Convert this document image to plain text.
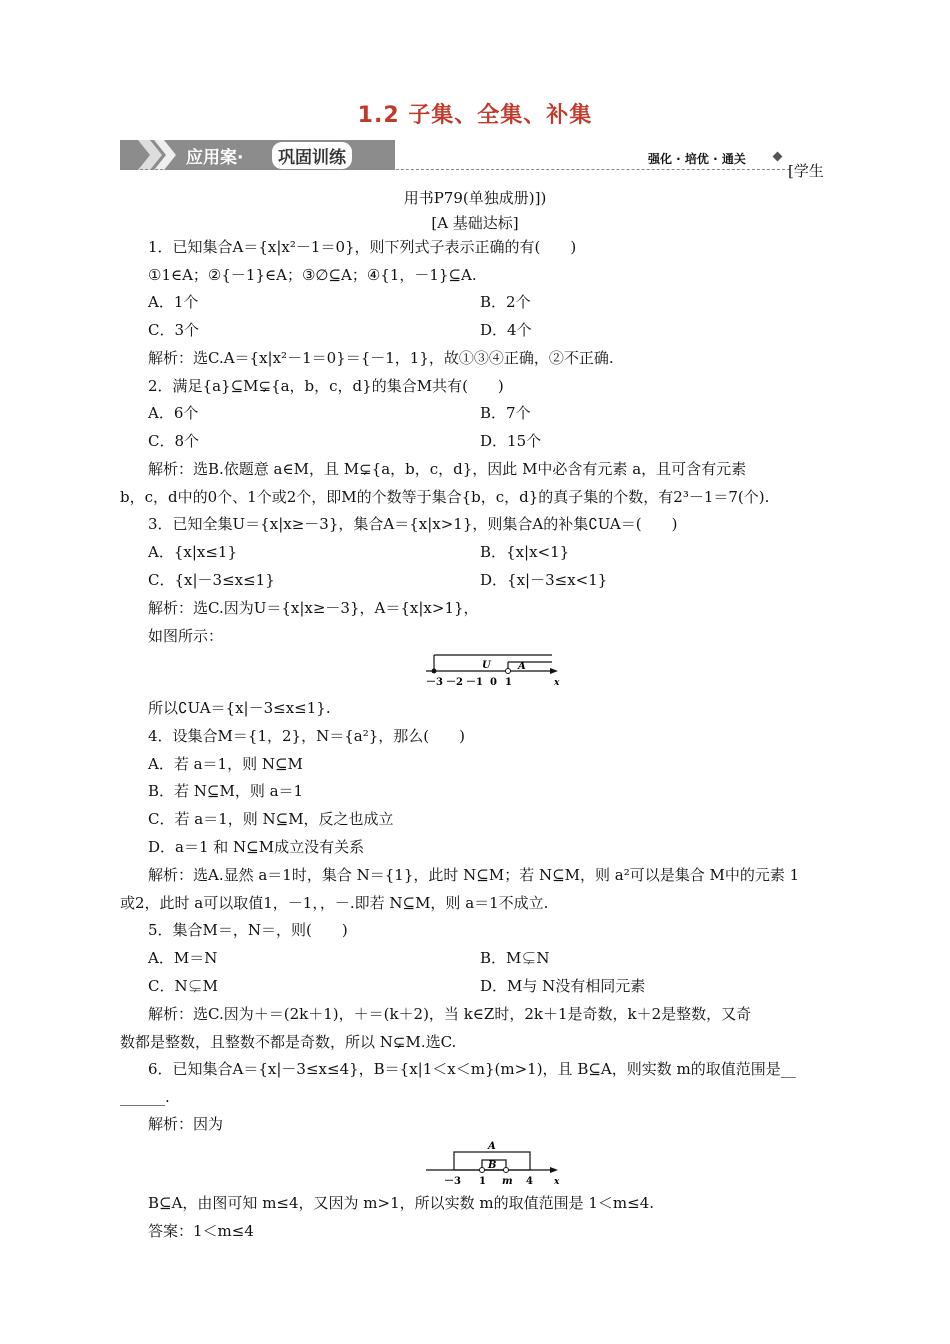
1.2 子集、全集、补集
应用案·	巩固训练	强化 · 培优 · 通关
[学生
用书P79(单独成册)])
[A 基础达标]
1．已知集合A＝{x|x²－1＝0}，则下列式子表示正确的有(　　)
①1∈A；②{－1}∈A；③∅⊆A；④{1，－1}⊆A.
A．1个	B．2个
C．3个	D．4个
解析：选C.A＝{x|x²－1＝0}＝{－1，1}，故①③④正确，②不正确.
2．满足{a}⊆M⊊{a，b，c，d}的集合M共有(　　)
A．6个	B．7个
C．8个	D．15个
解析：选B.依题意 a∈M，且 M⊊{a，b，c，d}，因此 M中必含有元素 a，且可含有元素
b，c，d中的0个、1个或2个，即M的个数等于集合{b，c，d}的真子集的个数，有2³－1＝7(个).
3．已知全集U＝{x|x≥－3}，集合A＝{x|x>1}，则集合A的补集∁UA＝(　　)
A．{x|x≤1}	B．{x|x<1}
C．{x|－3≤x≤1}	D．{x|－3≤x<1}
解析：选C.因为U＝{x|x≥－3}，A＝{x|x>1}，
如图所示：
U	A
－3 －2 －1 0 1	x
所以∁UA＝{x|－3≤x≤1}.
4．设集合M＝{1，2}，N＝{a²}，那么(　　)
A．若 a＝1，则 N⊆M
B．若 N⊆M，则 a＝1
C．若 a＝1，则 N⊆M，反之也成立
D．a＝1 和 N⊆M成立没有关系
解析：选A.显然 a＝1时，集合 N＝{1}，此时 N⊆M；若 N⊆M，则 a²可以是集合 M中的元素 1
或2，此时 a可以取值1，－1，，－.即若 N⊆M，则 a＝1不成立.
5．集合M＝，N＝，则(　　)
A．M＝N	B．M⊊N
C．N⊊M	D．M与 N没有相同元素
解析：选C.因为＋＝(2k＋1)，＋＝(k＋2)，当 k∈Z时，2k＋1是奇数，k＋2是整数，又奇
数都是整数，且整数不都是奇数，所以 N⊊M.选C.
6．已知集合A＝{x|－3≤x≤4}，B＝{x|1＜x＜m}(m>1)，且 B⊆A，则实数 m的取值范围是__
______.
解析：因为
A
B
－3 1 m 4 x
B⊆A，由图可知 m≤4，又因为 m>1，所以实数 m的取值范围是 1＜m≤4.
答案：1＜m≤4
